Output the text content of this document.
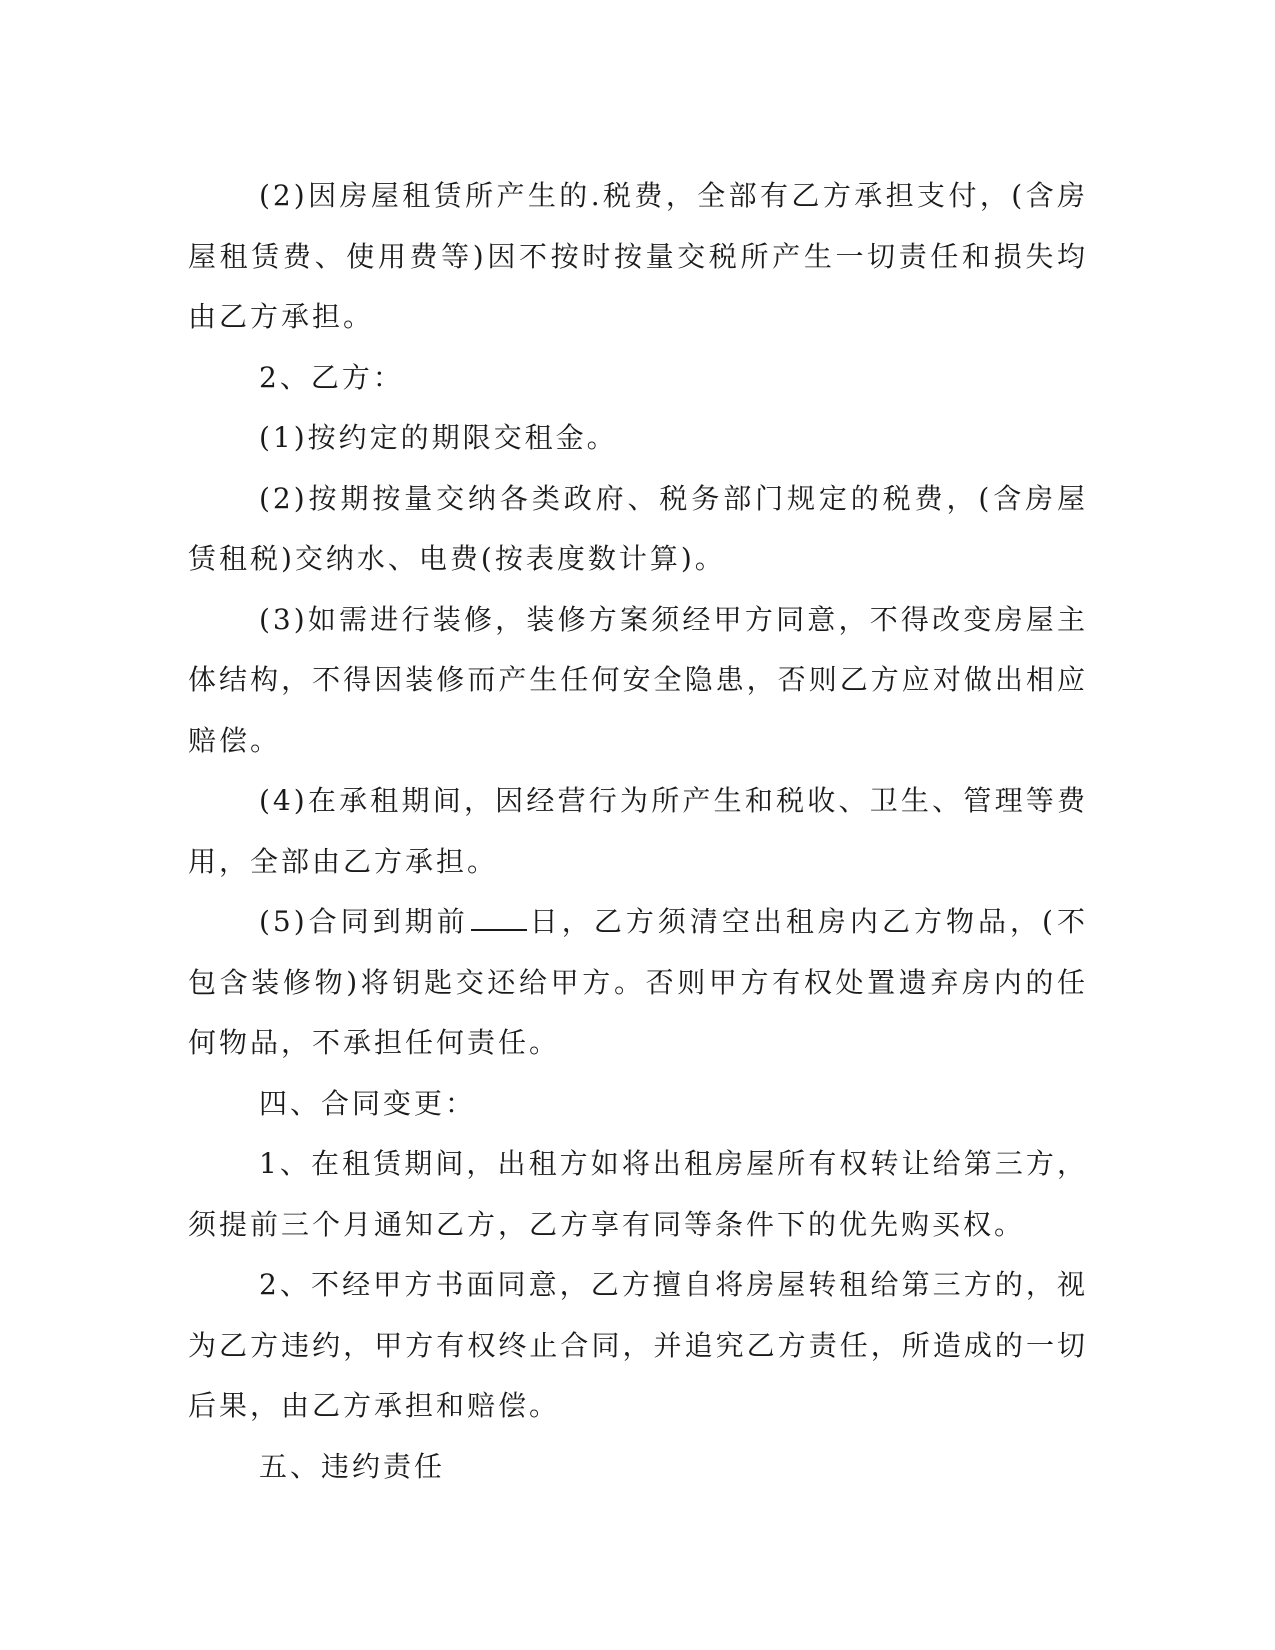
(2)因房屋租赁所产生的.税费，全部有乙方承担支付，(含房屋租赁费、使用费等)因不按时按量交税所产生一切责任和损失均由乙方承担。

2、乙方：

(1)按约定的期限交租金。

(2)按期按量交纳各类政府、税务部门规定的税费，(含房屋赁租税)交纳水、电费(按表度数计算)。

(3)如需进行装修，装修方案须经甲方同意，不得改变房屋主体结构，不得因装修而产生任何安全隐患，否则乙方应对做出相应赔偿。

(4)在承租期间，因经营行为所产生和税收、卫生、管理等费用，全部由乙方承担。

(5)合同到期前 日，乙方须清空出租房内乙方物品，(不包含装修物)将钥匙交还给甲方。否则甲方有权处置遗弃房内的任何物品，不承担任何责任。

四、合同变更：

1、在租赁期间，出租方如将出租房屋所有权转让给第三方，须提前三个月通知乙方，乙方享有同等条件下的优先购买权。

2、不经甲方书面同意，乙方擅自将房屋转租给第三方的，视为乙方违约，甲方有权终止合同，并追究乙方责任，所造成的一切后果，由乙方承担和赔偿。

五、违约责任
